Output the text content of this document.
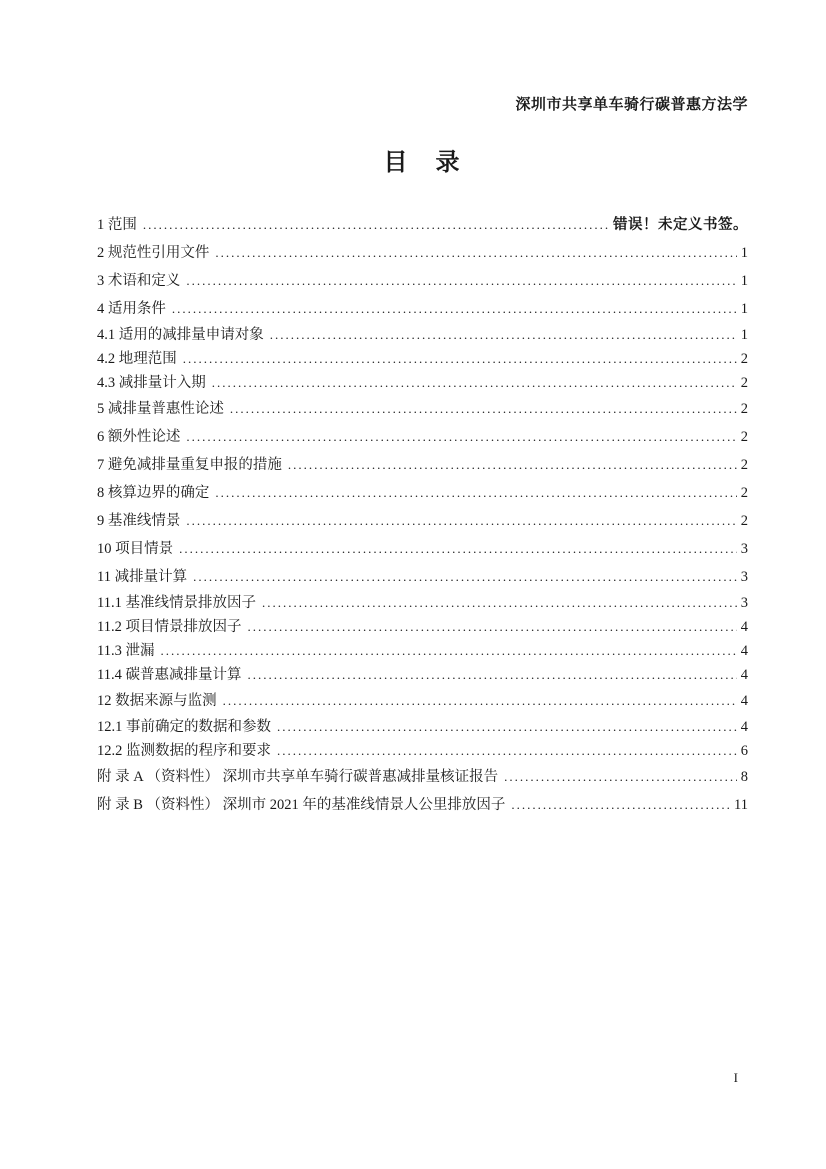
深圳市共享单车骑行碳普惠方法学
目　录
1 范围 .....	错误！未定义书签。
2 规范性引用文件 .....	1
3 术语和定义 .....	1
4 适用条件 .....	1
4.1 适用的减排量申请对象 .....	1
4.2 地理范围 .....	2
4.3 减排量计入期 .....	2
5 减排量普惠性论述 .....	2
6 额外性论述 .....	2
7 避免减排量重复申报的措施 .....	2
8 核算边界的确定 .....	2
9 基准线情景 .....	2
10 项目情景 .....	3
11 减排量计算 .....	3
11.1 基准线情景排放因子 .....	3
11.2 项目情景排放因子 .....	4
11.3 泄漏 .....	4
11.4 碳普惠减排量计算 .....	4
12 数据来源与监测 .....	4
12.1 事前确定的数据和参数 .....	4
12.2 监测数据的程序和要求 .....	6
附 录 A （资料性） 深圳市共享单车骑行碳普惠减排量核证报告 .....	8
附 录 B （资料性） 深圳市 2021 年的基准线情景人公里排放因子 .....	11
I
